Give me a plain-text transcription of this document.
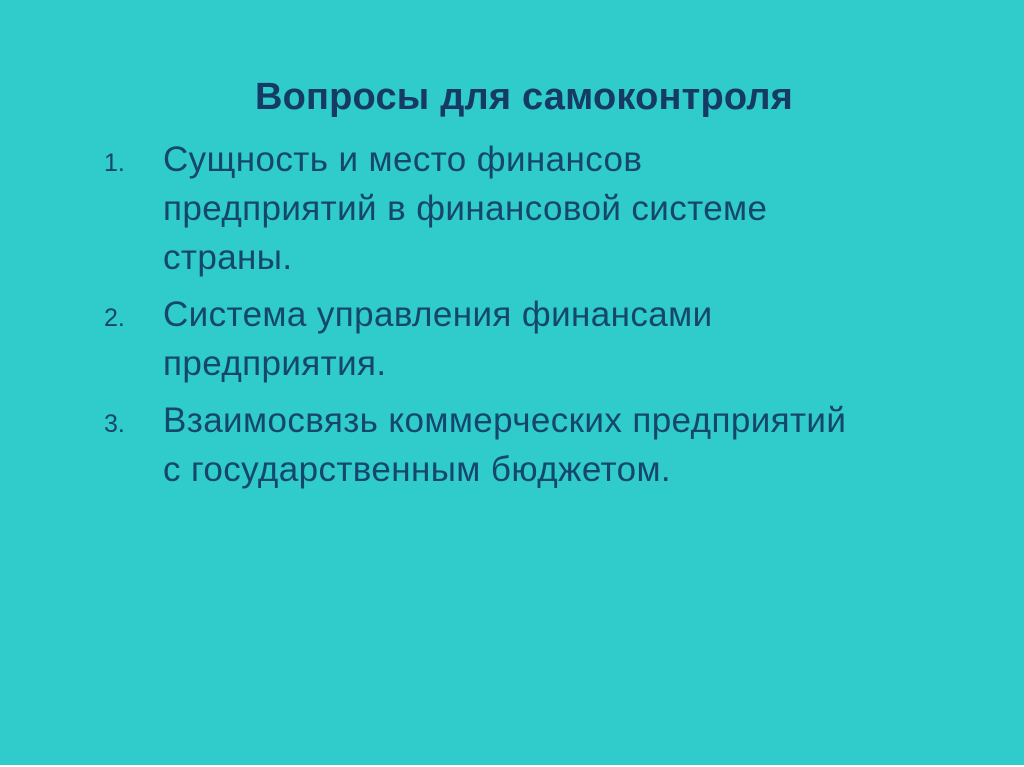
Вопросы для самоконтроля
1.	Сущность и место финансов
предприятий в финансовой системе
страны.
2.	Система управления финансами
предприятия.
3.	Взаимосвязь коммерческих предприятий
с государственным бюджетом.
